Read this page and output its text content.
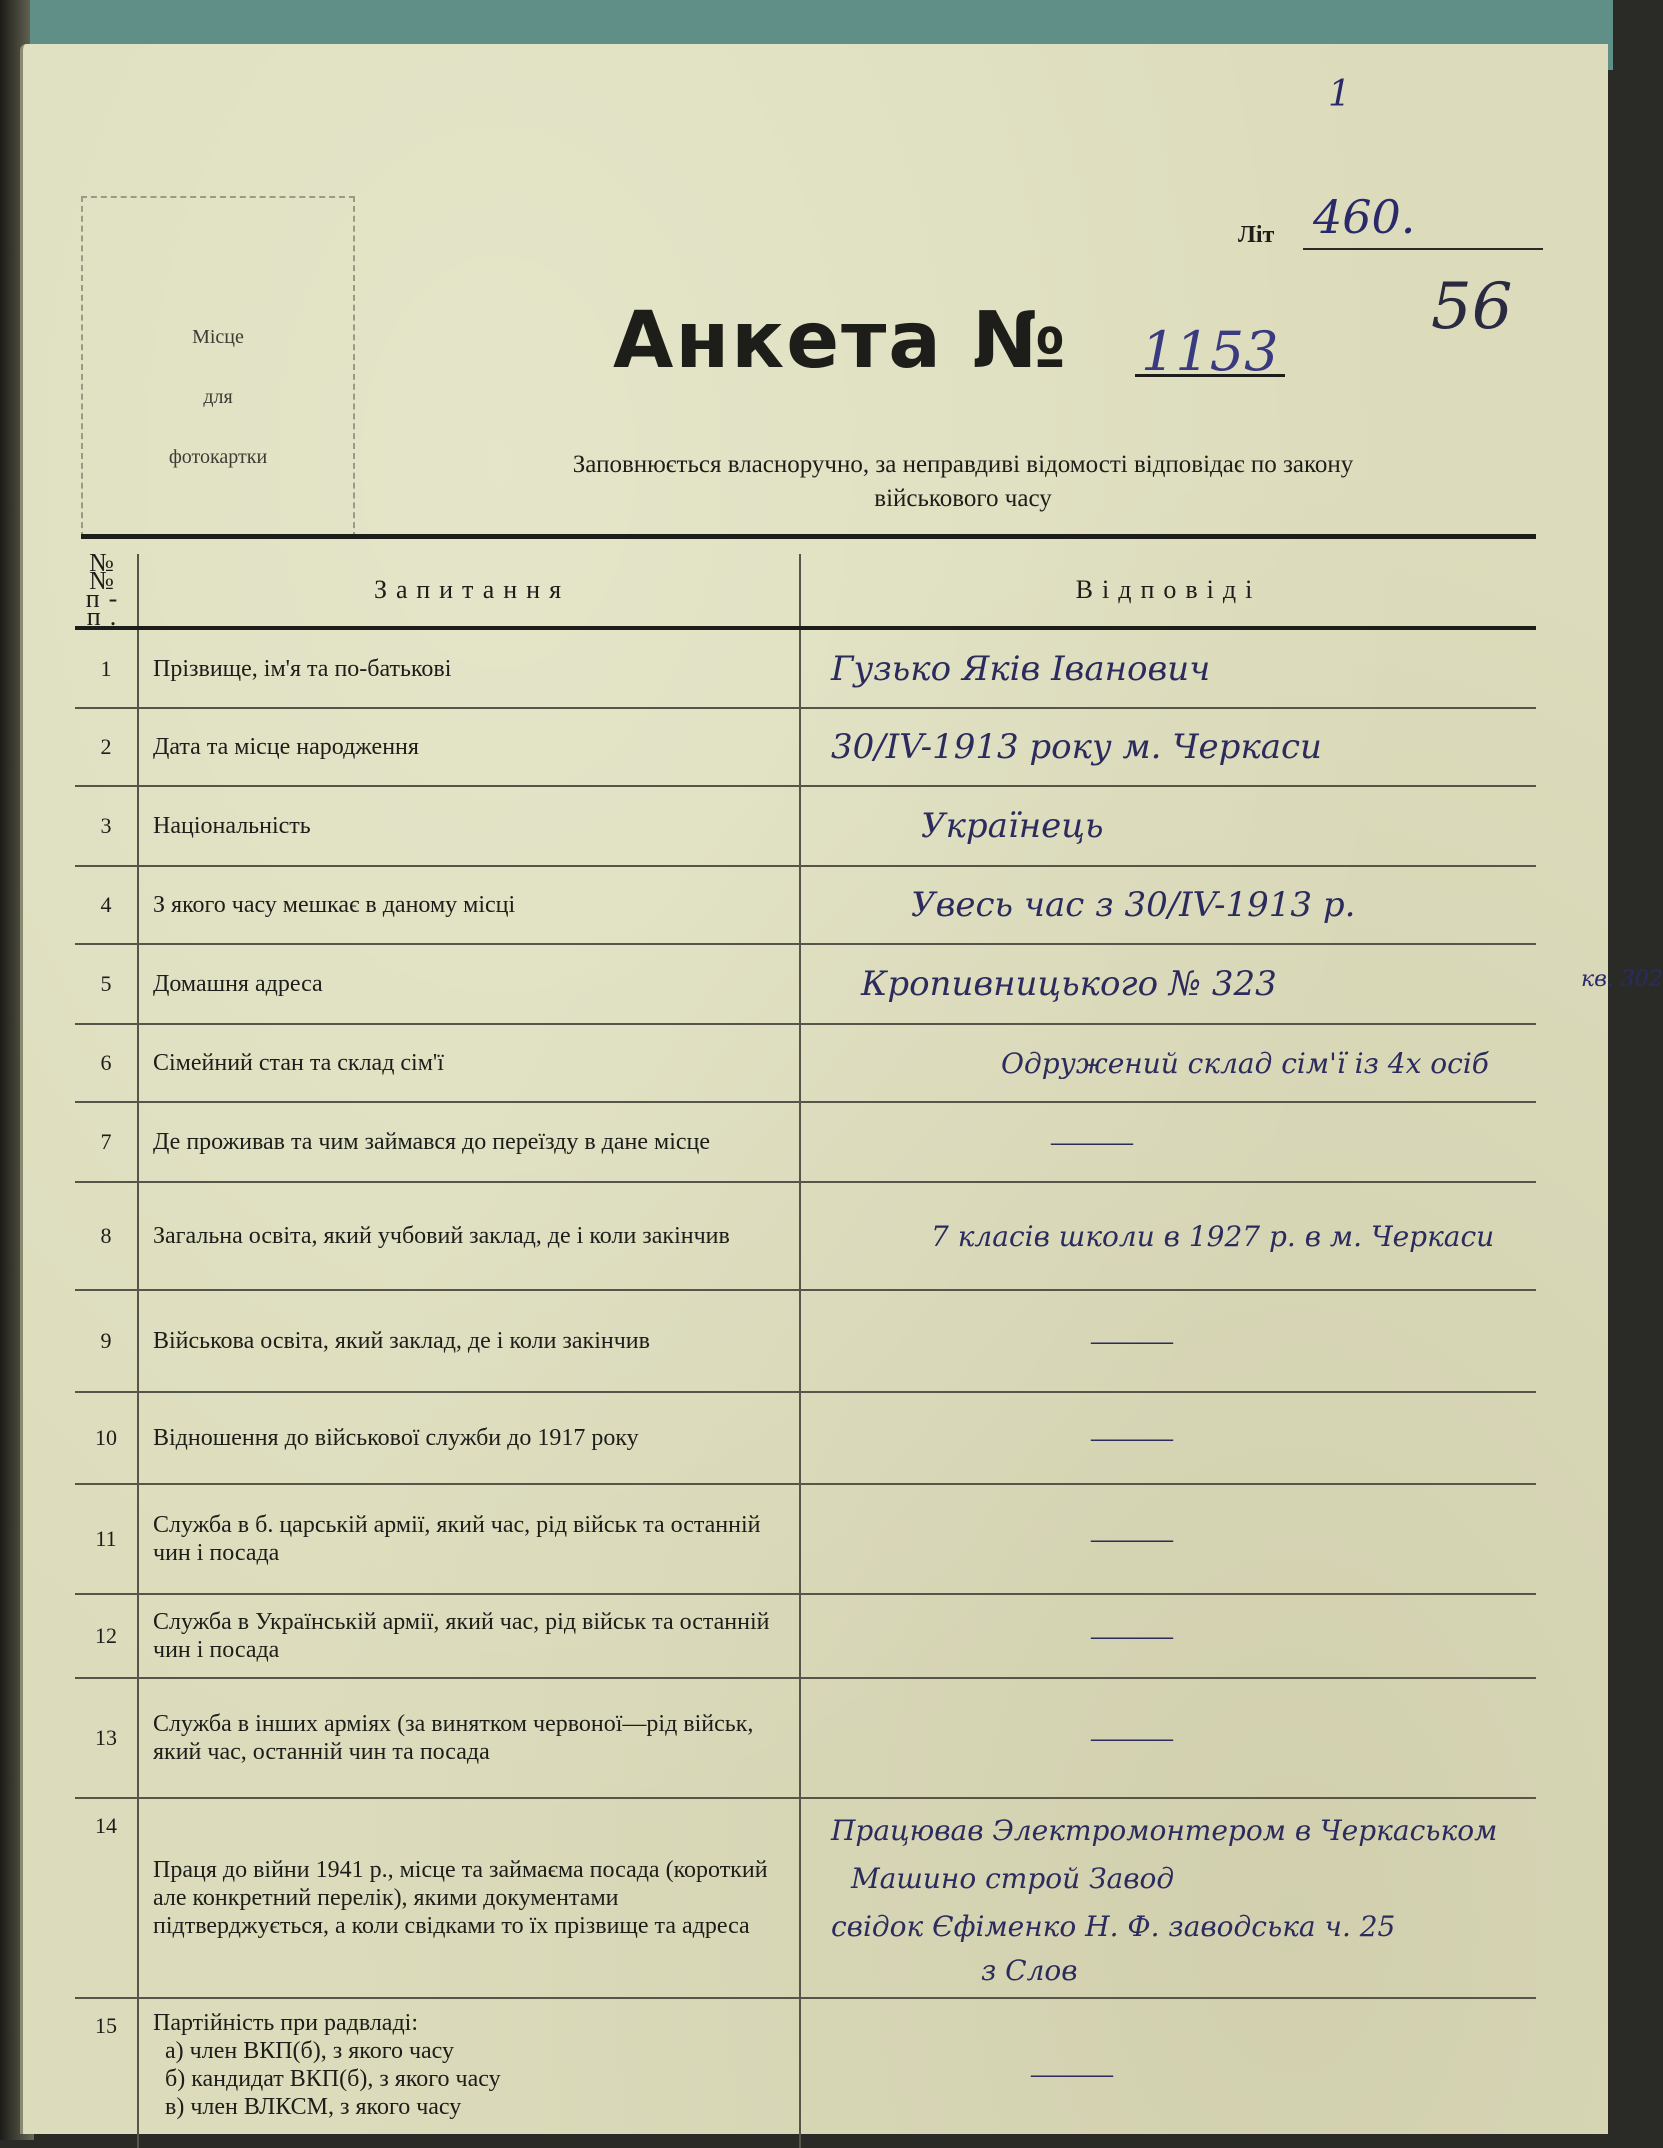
Місце
для
фотокартки
1
Літ 460.
56
Анкета № 1153
Заповнюється власноручно, за неправдиві відомості відповідає по закону
військового часу
№№ п-п.	Запитання	Відповіді
1	Прізвище, ім'я та по-батькові	Гузько Яків Іванович
2	Дата та місце народження	30/IV-1913 року м. Черкаси
3	Національність	Українець
4	З якого часу мешкає в даному місці	Увесь час з 30/IV-1913 р.
5	Домашня адреса	Кропивницького № 323 кв. 302

6	Сімейний стан та склад сім'ї	Одружений склад сім'ї із 4х осіб
7	Де проживав та чим займався до переїзду в дане місце	———
8	Загальна освіта, який учбовий заклад, де і коли закінчив	7 класів школи в 1927 р. в м. Черкаси
9	Військова освіта, який заклад, де і коли закінчив	———
10	Відношення до військової служби до 1917 року	———
11	Служба в б. царській армії, який час, рід військ та останній чин і посада	———
12	Служба в Українській армії, який час, рід військ та останній чин і посада	———
13	Служба в інших арміях (за винятком червоної—рід військ, який час, останній чин та посада	———
14	Праця до війни 1941 р., місце та займаєма посада (короткий але конкретний перелік), якими документами підтверджується, а коли свідками то їх прізвище та адреса	Працював Электромонтером в Черкаськом
Машино строй Завод
свідок Єфіменко Н. Ф. заводська ч. 25
з Слов

15	Партійність при радвладі:
а) член ВКП(б), з якого часу
б) кандидат ВКП(б), з якого часу
в) член ВЛКСМ, з якого часу	———
